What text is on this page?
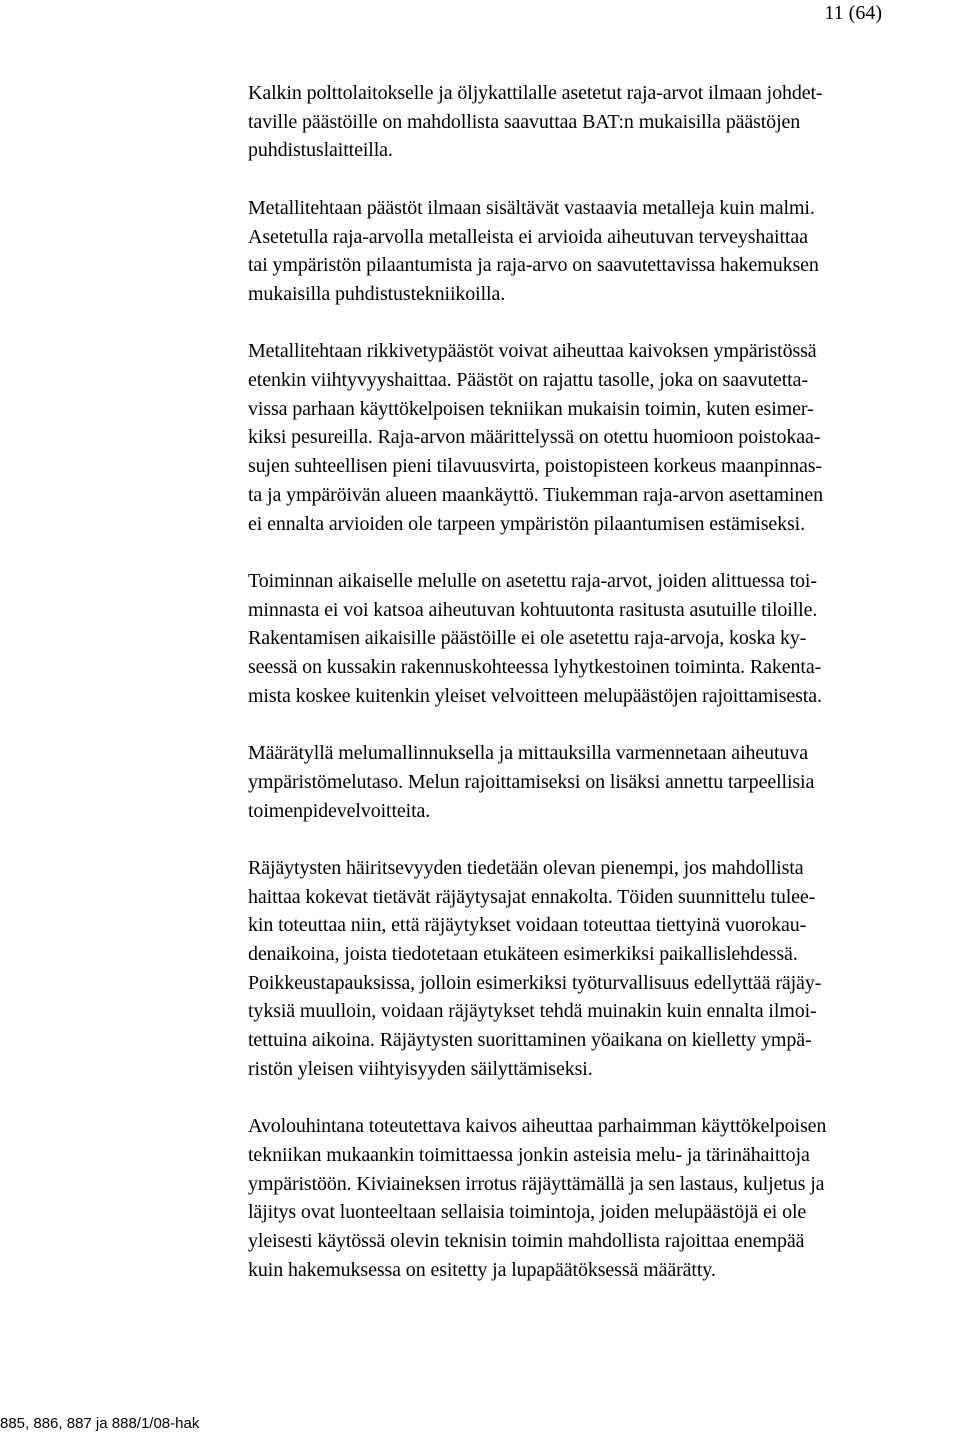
11 (64)

Kalkin polttolaitokselle ja öljykattilalle asetetut raja-arvot ilmaan johdet-
taville päästöille on mahdollista saavuttaa BAT:n mukaisilla päästöjen
puhdistuslaitteilla.

Metallitehtaan päästöt ilmaan sisältävät vastaavia metalleja kuin malmi.
Asetetulla raja-arvolla metalleista ei arvioida aiheutuvan terveyshaittaa
tai ympäristön pilaantumista ja raja-arvo on saavutettavissa hakemuksen
mukaisilla puhdistustekniikoilla.

Metallitehtaan rikkivetypäästöt voivat aiheuttaa kaivoksen ympäristössä
etenkin viihtyvyyshaittaa. Päästöt on rajattu tasolle, joka on saavutetta-
vissa parhaan käyttökelpoisen tekniikan mukaisin toimin, kuten esimer-
kiksi pesureilla. Raja-arvon määrittelyssä on otettu huomioon poistokaa-
sujen suhteellisen pieni tilavuusvirta, poistopisteen korkeus maanpinnas-
ta ja ympäröivän alueen maankäyttö. Tiukemman raja-arvon asettaminen
ei ennalta arvioiden ole tarpeen ympäristön pilaantumisen estämiseksi.

Toiminnan aikaiselle melulle on asetettu raja-arvot, joiden alittuessa toi-
minnasta ei voi katsoa aiheutuvan kohtuutonta rasitusta asutuille tiloille.
Rakentamisen aikaisille päästöille ei ole asetettu raja-arvoja, koska ky-
seessä on kussakin rakennuskohteessa lyhytkestoinen toiminta. Rakenta-
mista koskee kuitenkin yleiset velvoitteen melupäästöjen rajoittamisesta.

Määrätyllä melumallinnuksella ja mittauksilla varmennetaan aiheutuva
ympäristömelutaso. Melun rajoittamiseksi on lisäksi annettu tarpeellisia
toimenpidevelvoitteita.

Räjäytysten häiritsevyyden tiedetään olevan pienempi, jos mahdollista
haittaa kokevat tietävät räjäytysajat ennakolta. Töiden suunnittelu tulee-
kin toteuttaa niin, että räjäytykset voidaan toteuttaa tiettyinä vuorokau-
denaikoina, joista tiedotetaan etukäteen esimerkiksi paikallislehdessä.
Poikkeustapauksissa, jolloin esimerkiksi työturvallisuus edellyttää räjäy-
tyksiä muulloin, voidaan räjäytykset tehdä muinakin kuin ennalta ilmoi-
tettuina aikoina. Räjäytysten suorittaminen yöaikana on kielletty ympä-
ristön yleisen viihtyisyyden säilyttämiseksi.

Avolouhintana toteutettava kaivos aiheuttaa parhaimman käyttökelpoisen
tekniikan mukaankin toimittaessa jonkin asteisia melu- ja tärinähaittoja
ympäristöön. Kiviaineksen irrotus räjäyttämällä ja sen lastaus, kuljetus ja
läjitys ovat luonteeltaan sellaisia toimintoja, joiden melupäästöjä ei ole
yleisesti käytössä olevin teknisin toimin mahdollista rajoittaa enempää
kuin hakemuksessa on esitetty ja lupapäätöksessä määrätty.

885, 886, 887 ja 888/1/08-hak
